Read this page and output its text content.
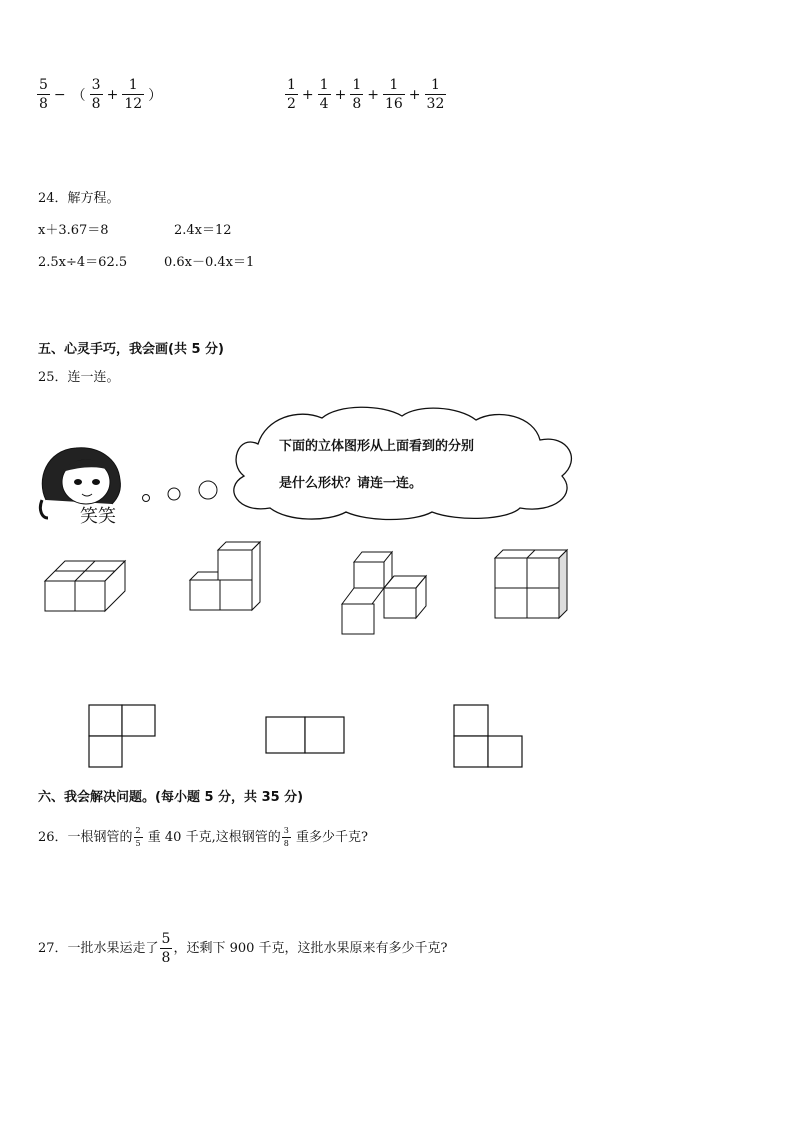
$\frac{5}{8}$ − （ $\frac{3}{8} + \frac{1}{12}$ ）	$\frac{1}{2} + \frac{1}{4} + \frac{1}{8} + \frac{1}{16} + \frac{1}{32}$
24．解方程。
x＋3.67＝8	2.4x＝12
2.5x÷4＝62.5	0.6x－0.4x＝1
五、心灵手巧，我会画(共 5 分)
25．连一连。
笑笑
下面的立体图形从上面看到的分别
是什么形状？请连一连。
六、我会解决问题。(每小题 5 分，共 35 分)
26．一根钢管的 $\frac{2}{5}$ 重 40 千克,这根钢管的 $\frac{3}{8}$ 重多少千克?
27．一批水果运走了 $\frac{5}{8}$ ，还剩下 900 千克，这批水果原来有多少千克?
